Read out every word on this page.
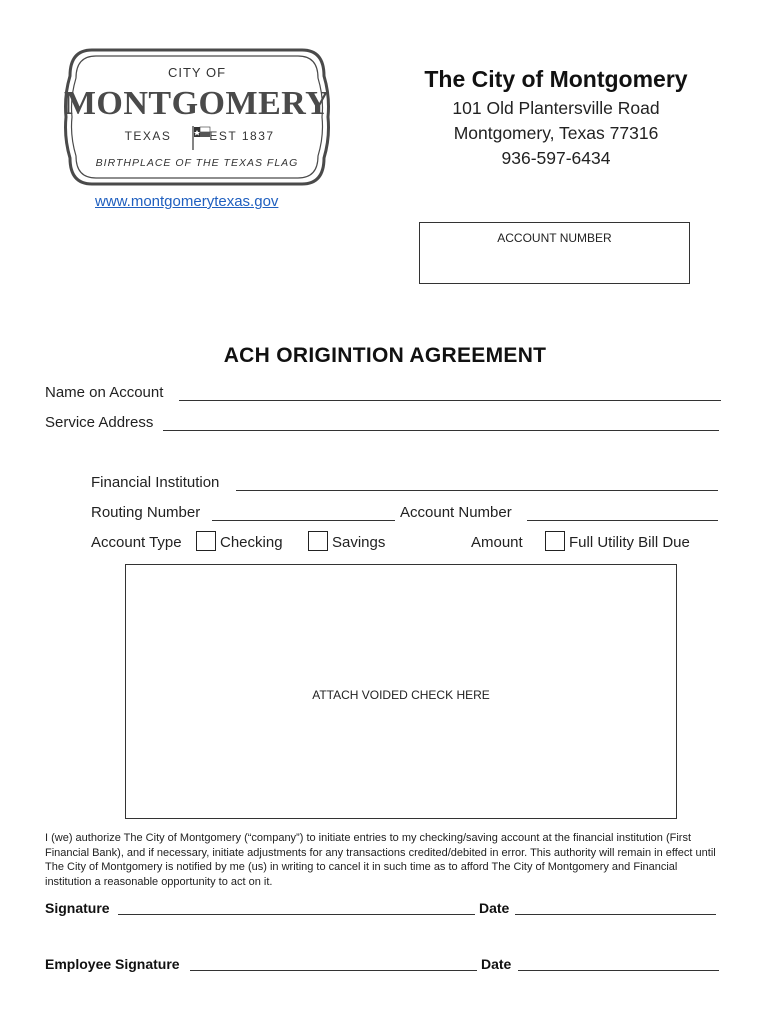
CITY OF
MONTGOMERY
TEXAS	EST 1837
BIRTHPLACE OF THE TEXAS FLAG
The City of Montgomery
101 Old Plantersville Road
Montgomery, Texas 77316
936-597-6434
www.montgomerytexas.gov
ACCOUNT NUMBER
ACH ORIGINTION AGREEMENT
Name on Account
Service Address
Financial Institution
Routing Number	Account Number
Account Type	Checking	Savings	Amount	Full Utility Bill Due
ATTACH VOIDED CHECK HERE
I (we) authorize The City of Montgomery (“company”) to initiate entries to my checking/saving account at the financial institution (First Financial Bank), and if necessary, initiate adjustments for any transactions credited/debited in error. This authority will remain in effect until The City of Montgomery is notified by me (us) in writing to cancel it in such time as to afford The City of Montgomery and Financial institution a reasonable opportunity to act on it.
Signature	Date
Employee Signature	Date
